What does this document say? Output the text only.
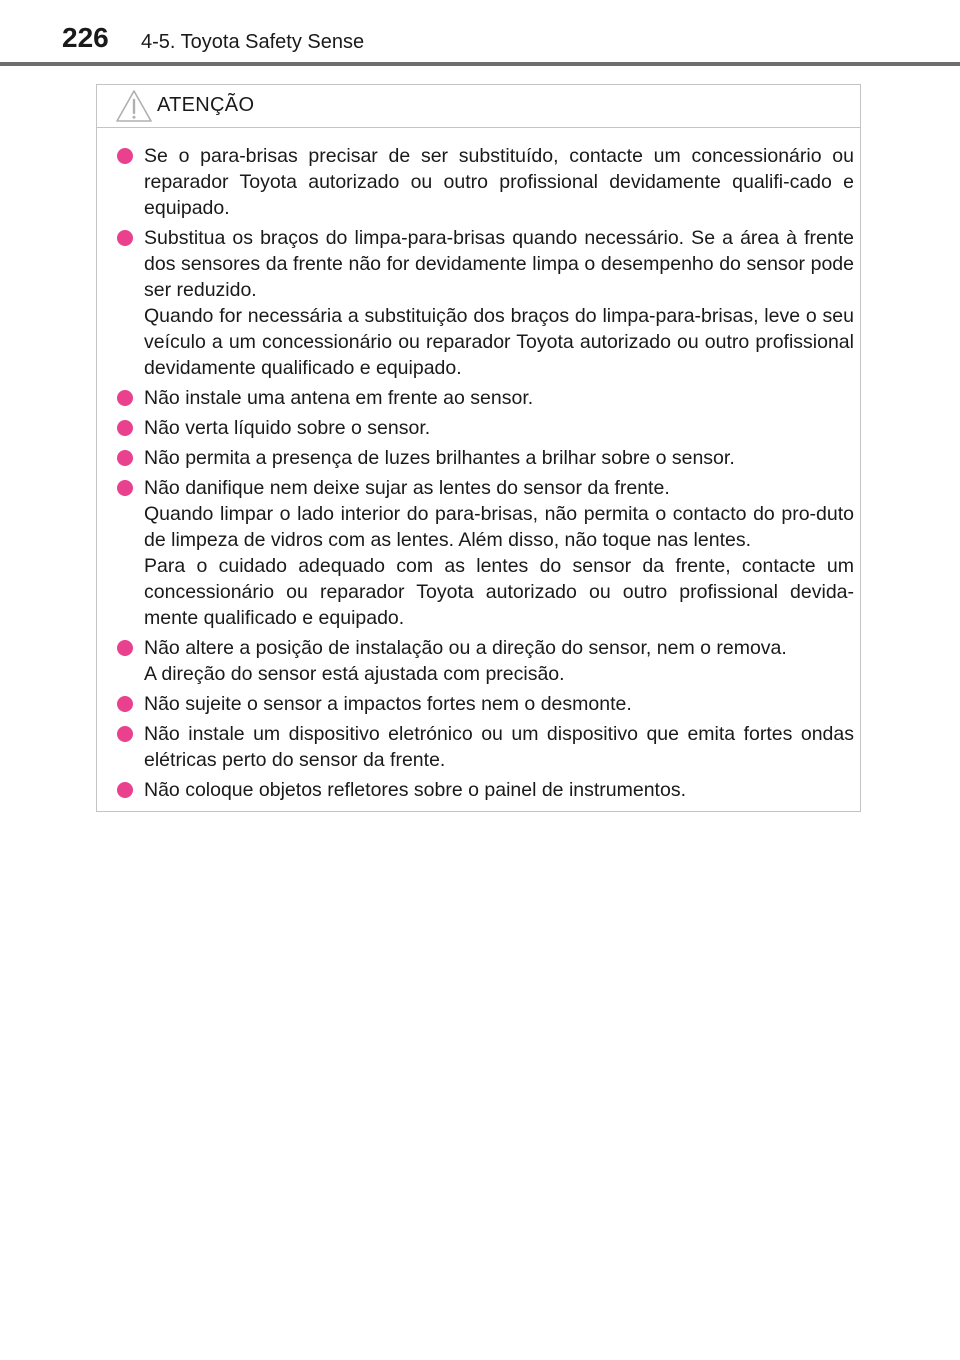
226 4-5. Toyota Safety Sense
ATENÇÃO
Se o para-brisas precisar de ser substituído, contacte um concessionário ou reparador Toyota autorizado ou outro profissional devidamente qualifi-cado e equipado.
Substitua os braços do limpa-para-brisas quando necessário. Se a área à frente dos sensores da frente não for devidamente limpa o desempenho do sensor pode ser reduzido.
Quando for necessária a substituição dos braços do limpa-para-brisas, leve o seu veículo a um concessionário ou reparador Toyota autorizado ou outro profissional devidamente qualificado e equipado.
Não instale uma antena em frente ao sensor.
Não verta líquido sobre o sensor.
Não permita a presença de luzes brilhantes a brilhar sobre o sensor.
Não danifique nem deixe sujar as lentes do sensor da frente.
Quando limpar o lado interior do para-brisas, não permita o contacto do pro-duto de limpeza de vidros com as lentes. Além disso, não toque nas lentes.
Para o cuidado adequado com as lentes do sensor da frente, contacte um concessionário ou reparador Toyota autorizado ou outro profissional devida-mente qualificado e equipado.
Não altere a posição de instalação ou a direção do sensor, nem o remova.
A direção do sensor está ajustada com precisão.
Não sujeite o sensor a impactos fortes nem o desmonte.
Não instale um dispositivo eletrónico ou um dispositivo que emita fortes ondas elétricas perto do sensor da frente.
Não coloque objetos refletores sobre o painel de instrumentos.
